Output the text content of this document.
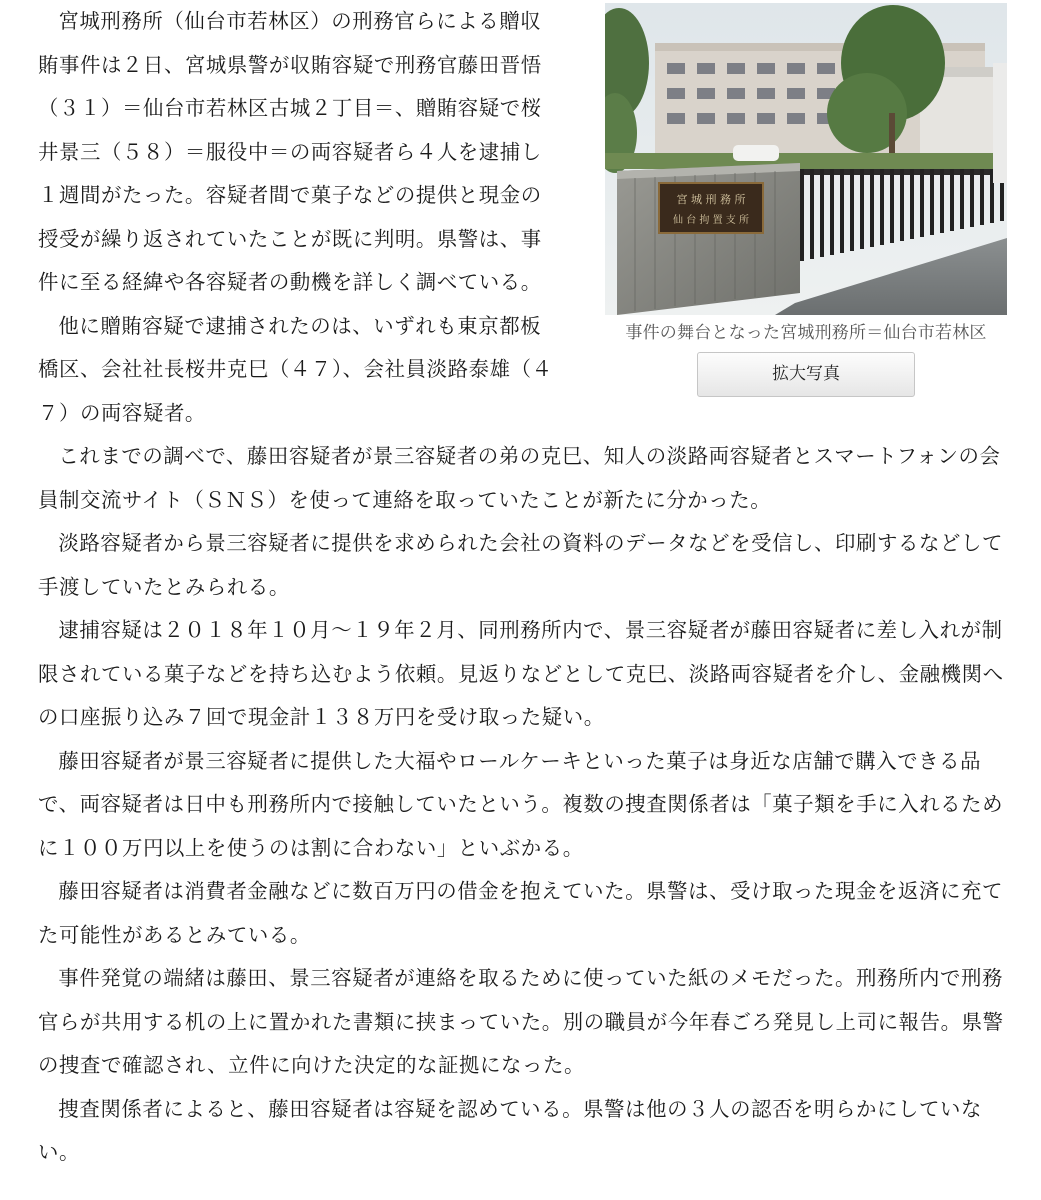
宮 城 刑 務 所
仙 台 拘 置 支 所
事件の舞台となった宮城刑務所＝仙台市若林区
拡大写真

宮城刑務所（仙台市若林区）の刑務官らによる贈収賄事件は２日、宮城県警が収賄容疑で刑務官藤田晋悟（３１）＝仙台市若林区古城２丁目＝、贈賄容疑で桜井景三（５８）＝服役中＝の両容疑者ら４人を逮捕し１週間がたった。容疑者間で菓子などの提供と現金の授受が繰り返されていたことが既に判明。県警は、事件に至る経緯や各容疑者の動機を詳しく調べている。

他に贈賄容疑で逮捕されたのは、いずれも東京都板橋区、会社社長桜井克巳（４７）、会社員淡路泰雄（４７）の両容疑者。

これまでの調べで、藤田容疑者が景三容疑者の弟の克巳、知人の淡路両容疑者とスマートフォンの会員制交流サイト（ＳＮＳ）を使って連絡を取っていたことが新たに分かった。

淡路容疑者から景三容疑者に提供を求められた会社の資料のデータなどを受信し、印刷するなどして手渡していたとみられる。

逮捕容疑は２０１８年１０月～１９年２月、同刑務所内で、景三容疑者が藤田容疑者に差し入れが制限されている菓子などを持ち込むよう依頼。見返りなどとして克巳、淡路両容疑者を介し、金融機関への口座振り込み７回で現金計１３８万円を受け取った疑い。

藤田容疑者が景三容疑者に提供した大福やロールケーキといった菓子は身近な店舗で購入できる品で、両容疑者は日中も刑務所内で接触していたという。複数の捜査関係者は「菓子類を手に入れるために１００万円以上を使うのは割に合わない」といぶかる。

藤田容疑者は消費者金融などに数百万円の借金を抱えていた。県警は、受け取った現金を返済に充てた可能性があるとみている。

事件発覚の端緒は藤田、景三容疑者が連絡を取るために使っていた紙のメモだった。刑務所内で刑務官らが共用する机の上に置かれた書類に挟まっていた。別の職員が今年春ごろ発見し上司に報告。県警の捜査で確認され、立件に向けた決定的な証拠になった。

捜査関係者によると、藤田容疑者は容疑を認めている。県警は他の３人の認否を明らかにしていない。
